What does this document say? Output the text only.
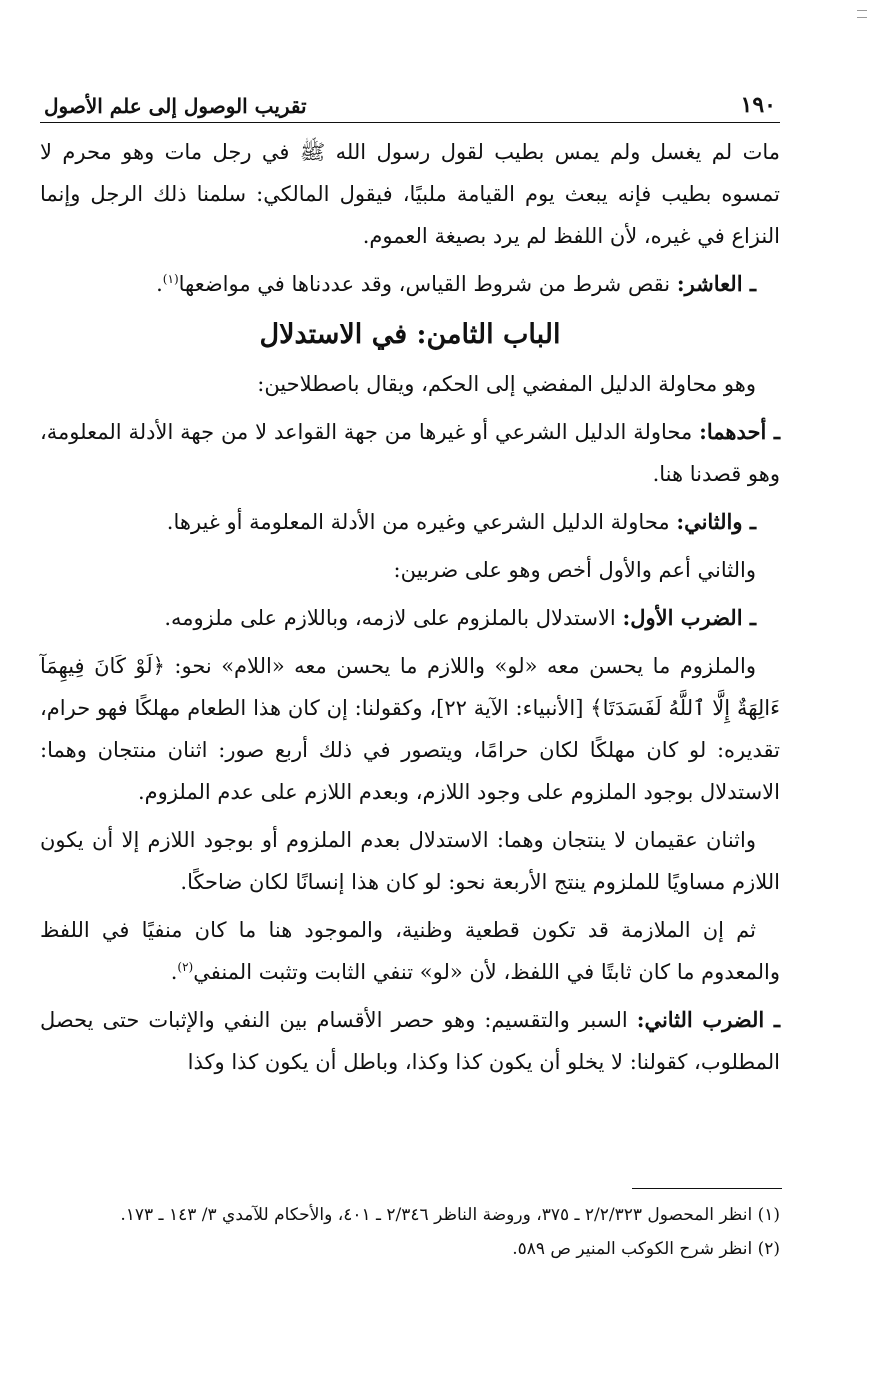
١٩٠
تقريب الوصول إلى علم الأصول

مات لم يغسل ولم يمس بطيب لقول رسول الله ﷺ في رجل مات وهو محرم لا تمسوه بطيب فإنه يبعث يوم القيامة ملبيًا، فيقول المالكي: سلمنا ذلك الرجل وإنما النزاع في غيره، لأن اللفظ لم يرد بصيغة العموم.

ـ العاشر: نقص شرط من شروط القياس، وقد عددناها في مواضعها$^{(١)}$.

الباب الثامن: في الاستدلال

وهو محاولة الدليل المفضي إلى الحكم، ويقال باصطلاحين:

ـ أحدهما: محاولة الدليل الشرعي أو غيرها من جهة القواعد لا من جهة الأدلة المعلومة، وهو قصدنا هنا.

ـ والثاني: محاولة الدليل الشرعي وغيره من الأدلة المعلومة أو غيرها.

والثاني أعم والأول أخص وهو على ضربين:

ـ الضرب الأول: الاستدلال بالملزوم على لازمه، وباللازم على ملزومه.

والملزوم ما يحسن معه «لو» واللازم ما يحسن معه «اللام» نحو: ﴿لَوْ كَانَ فِيهِمَآ ءَالِهَةٌ إِلَّا ٱللَّهُ لَفَسَدَتَا﴾ [الأنبياء: الآية ٢٢]، وكقولنا: إن كان هذا الطعام مهلكًا فهو حرام، تقديره: لو كان مهلكًا لكان حرامًا، ويتصور في ذلك أربع صور: اثنان منتجان وهما: الاستدلال بوجود الملزوم على وجود اللازم، وبعدم اللازم على عدم الملزوم.

واثنان عقيمان لا ينتجان وهما: الاستدلال بعدم الملزوم أو بوجود اللازم إلا أن يكون اللازم مساويًا للملزوم ينتج الأربعة نحو: لو كان هذا إنسانًا لكان ضاحكًا.

ثم إن الملازمة قد تكون قطعية وظنية، والموجود هنا ما كان منفيًا في اللفظ والمعدوم ما كان ثابتًا في اللفظ، لأن «لو» تنفي الثابت وتثبت المنفي$^{(٢)}$.

ـ الضرب الثاني: السبر والتقسيم: وهو حصر الأقسام بين النفي والإثبات حتى يحصل المطلوب، كقولنا: لا يخلو أن يكون كذا وكذا، وباطل أن يكون كذا وكذا

(١) انظر المحصول ٢/٢/٣٢٣ ـ ٣٧٥، وروضة الناظر ٢/٣٤٦ ـ ٤٠١، والأحكام للآمدي ٣/ ١٤٣ ـ ١٧٣.

(٢) انظر شرح الكوكب المنير ص ٥٨٩.
